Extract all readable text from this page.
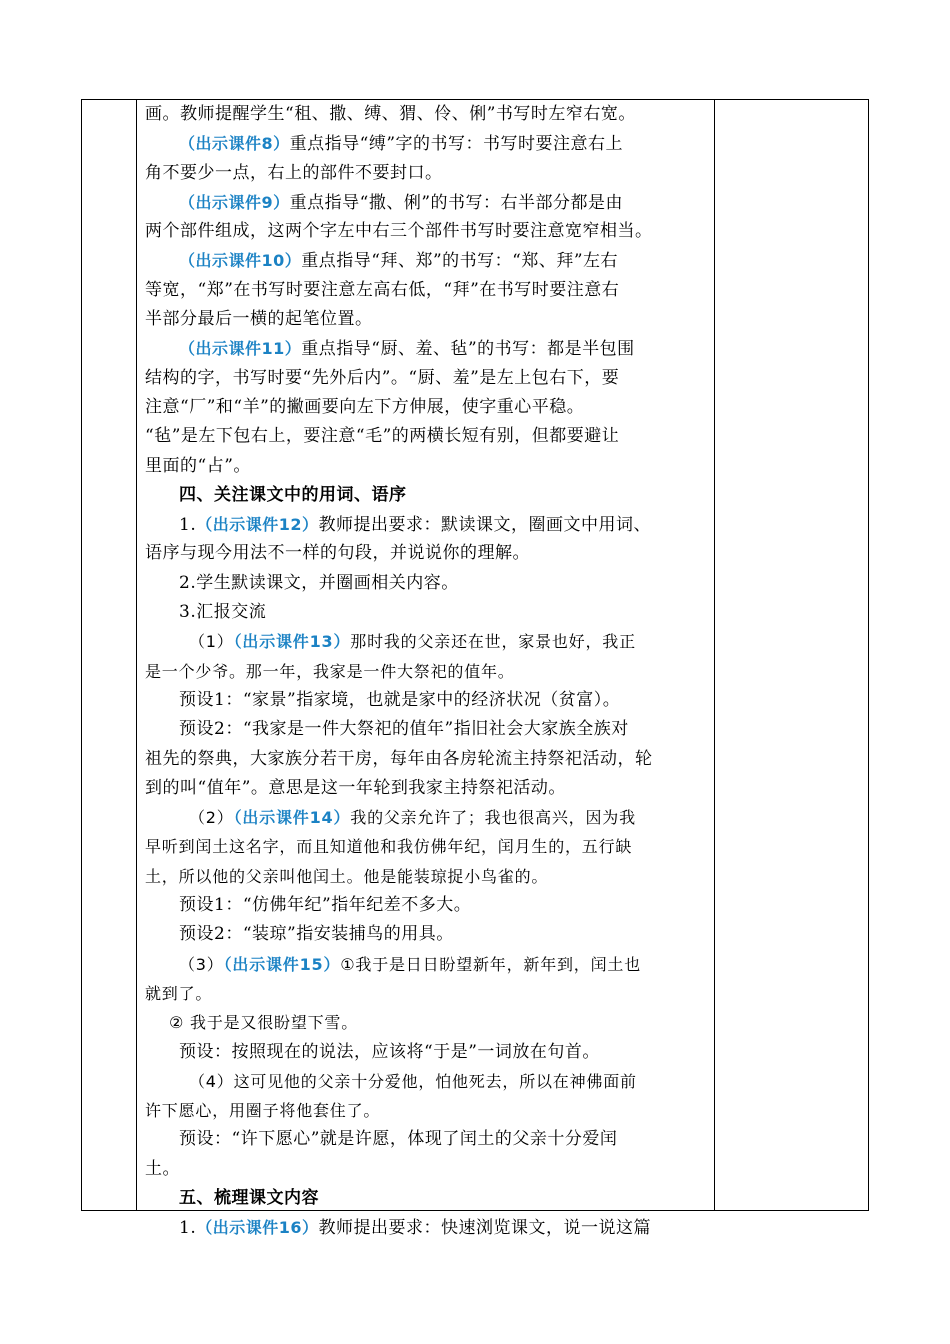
画。教师提醒学生“租、撒、缚、猬、伶、俐”书写时左窄右宽。
（出示课件8）重点指导“缚”字的书写：书写时要注意右上
角不要少一点，右上的部件不要封口。
（出示课件9）重点指导“撒、俐”的书写：右半部分都是由
两个部件组成，这两个字左中右三个部件书写时要注意宽窄相当。
（出示课件10）重点指导“拜、郑”的书写：“郑、拜”左右
等宽，“郑”在书写时要注意左高右低，“拜”在书写时要注意右
半部分最后一横的起笔位置。
（出示课件11）重点指导“厨、羞、毡”的书写：都是半包围
结构的字，书写时要“先外后内”。“厨、羞”是左上包右下，要
注意“厂”和“羊”的撇画要向左下方伸展，使字重心平稳。
“毡”是左下包右上，要注意“毛”的两横长短有别，但都要避让
里面的“占”。
四、关注课文中的用词、语序
1.（出示课件12）教师提出要求：默读课文，圈画文中用词、
语序与现今用法不一样的句段，并说说你的理解。
2.学生默读课文，并圈画相关内容。
3.汇报交流
（1）（出示课件13）那时我的父亲还在世，家景也好，我正
是一个少爷。那一年，我家是一件大祭祀的值年。
预设1：“家景”指家境，也就是家中的经济状况（贫富）。
预设2：“我家是一件大祭祀的值年”指旧社会大家族全族对
祖先的祭典，大家族分若干房，每年由各房轮流主持祭祀活动，轮
到的叫“值年”。意思是这一年轮到我家主持祭祀活动。
（2）（出示课件14）我的父亲允许了；我也很高兴，因为我
早听到闰土这名字，而且知道他和我仿佛年纪，闰月生的，五行缺
土，所以他的父亲叫他闰土。他是能装琼捉小鸟雀的。
预设1：“仿佛年纪”指年纪差不多大。
预设2：“装琼”指安装捕鸟的用具。
（3）（出示课件15）①我于是日日盼望新年，新年到，闰土也
就到了。
② 我于是又很盼望下雪。
预设：按照现在的说法，应该将“于是”一词放在句首。
（4）这可见他的父亲十分爱他，怕他死去，所以在神佛面前
许下愿心，用圈子将他套住了。
预设：“许下愿心”就是许愿，体现了闰土的父亲十分爱闰
土。
五、梳理课文内容
1.（出示课件16）教师提出要求：快速浏览课文，说一说这篇
